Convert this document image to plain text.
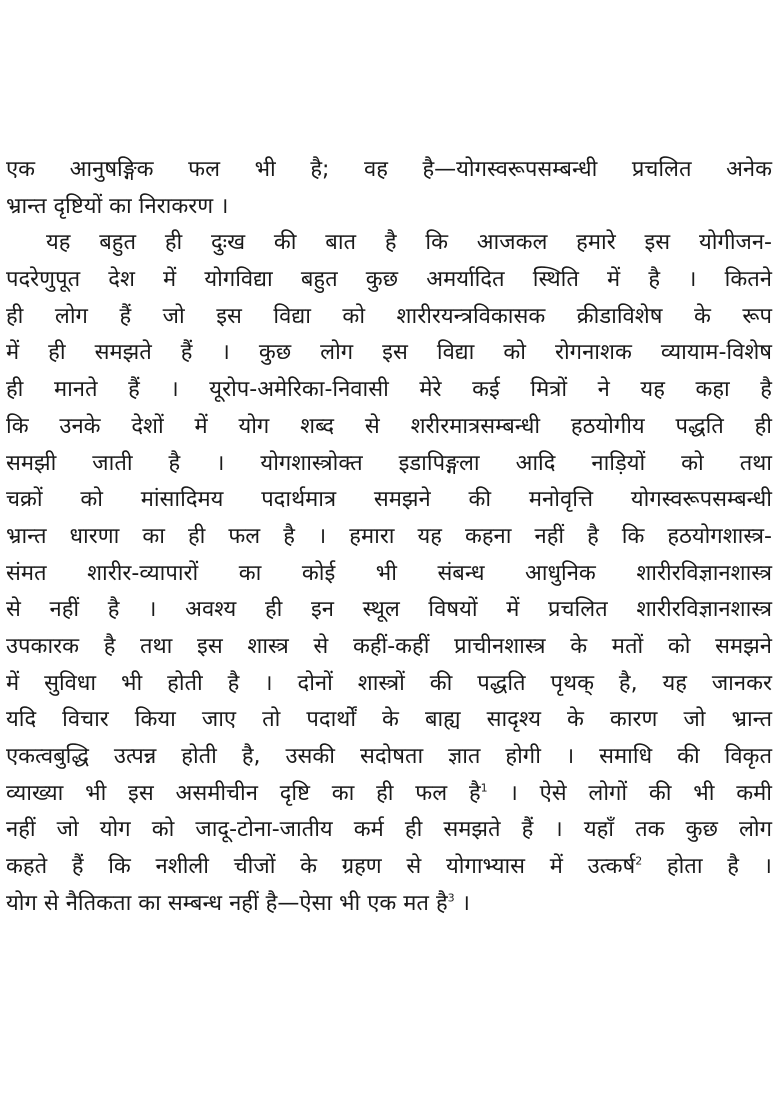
एक आनुषङ्गिक फल भी है; वह है—योगस्वरूपसम्बन्धी प्रचलित अनेक
भ्रान्त दृष्टियों का निराकरण ।
यह बहुत ही दुःख की बात है कि आजकल हमारे इस योगीजन-
पदरेणुपूत देश में योगविद्या बहुत कुछ अमर्यादित स्थिति में है । कितने
ही लोग हैं जो इस विद्या को शारीरयन्त्रविकासक क्रीडाविशेष के रूप
में ही समझते हैं । कुछ लोग इस विद्या को रोगनाशक व्यायाम-विशेष
ही मानते हैं । यूरोप-अमेरिका-निवासी मेरे कई मित्रों ने यह कहा है
कि उनके देशों में योग शब्द से शरीरमात्रसम्बन्धी हठयोगीय पद्धति ही
समझी जाती है । योगशास्त्रोक्त इडापिङ्गला आदि नाड़ियों को तथा
चक्रों को मांसादिमय पदार्थमात्र समझने की मनोवृत्ति योगस्वरूपसम्बन्धी
भ्रान्त धारणा का ही फल है । हमारा यह कहना नहीं है कि हठयोगशास्त्र-
संमत शारीर-व्यापारों का कोई भी संबन्ध आधुनिक शारीरविज्ञानशास्त्र
से नहीं है । अवश्य ही इन स्थूल विषयों में प्रचलित शारीरविज्ञानशास्त्र
उपकारक है तथा इस शास्त्र से कहीं-कहीं प्राचीनशास्त्र के मतों को समझने
में सुविधा भी होती है । दोनों शास्त्रों की पद्धति पृथक् है, यह जानकर
यदि विचार किया जाए तो पदार्थों के बाह्य सादृश्य के कारण जो भ्रान्त
एकत्वबुद्धि उत्पन्न होती है, उसकी सदोषता ज्ञात होगी । समाधि की विकृत
व्याख्या भी इस असमीचीन दृष्टि का ही फल है$^1$ । ऐसे लोगों की भी कमी
नहीं जो योग को जादू-टोना-जातीय कर्म ही समझते हैं । यहाँ तक कुछ लोग
कहते हैं कि नशीली चीजों के ग्रहण से योगाभ्यास में उत्कर्ष$^2$ होता है ।
योग से नैतिकता का सम्बन्ध नहीं है—ऐसा भी एक मत है$^3$ ।
